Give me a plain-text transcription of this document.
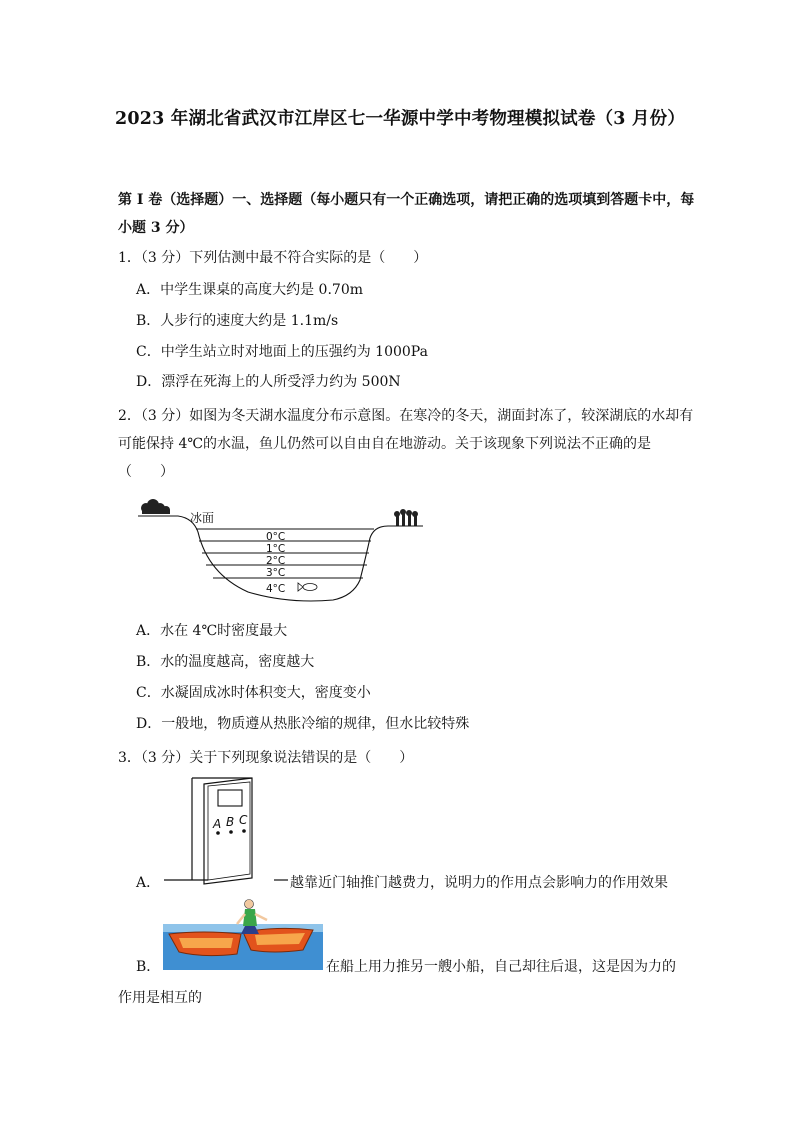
2023 年湖北省武汉市江岸区七一华源中学中考物理模拟试卷（3 月份）
第 I 卷（选择题）一、选择题（每小题只有一个正确选项，请把正确的选项填到答题卡中，每小题 3 分）
1．（3 分）下列估测中最不符合实际的是（　　）
A．中学生课桌的高度大约是 0.70m
B．人步行的速度大约是 1.1m/s
C．中学生站立时对地面上的压强约为 1000Pa
D．漂浮在死海上的人所受浮力约为 500N
2．（3 分）如图为冬天湖水温度分布示意图。在寒冷的冬天，湖面封冻了，较深湖底的水却有可能保持 4℃的水温，鱼儿仍然可以自由自在地游动。关于该现象下列说法不正确的是（　　）
冰面
0°C
1°C
2°C
3°C
4°C
A．水在 4℃时密度最大
B．水的温度越高，密度越大
C．水凝固成冰时体积变大，密度变小
D．一般地，物质遵从热胀冷缩的规律，但水比较特殊
3．（3 分）关于下列现象说法错误的是（　　）
A B C
A．	越靠近门轴推门越费力，说明力的作用点会影响力的作用效果
B．	在船上用力推另一艘小船，自己却往后退，这是因为力的
作用是相互的
